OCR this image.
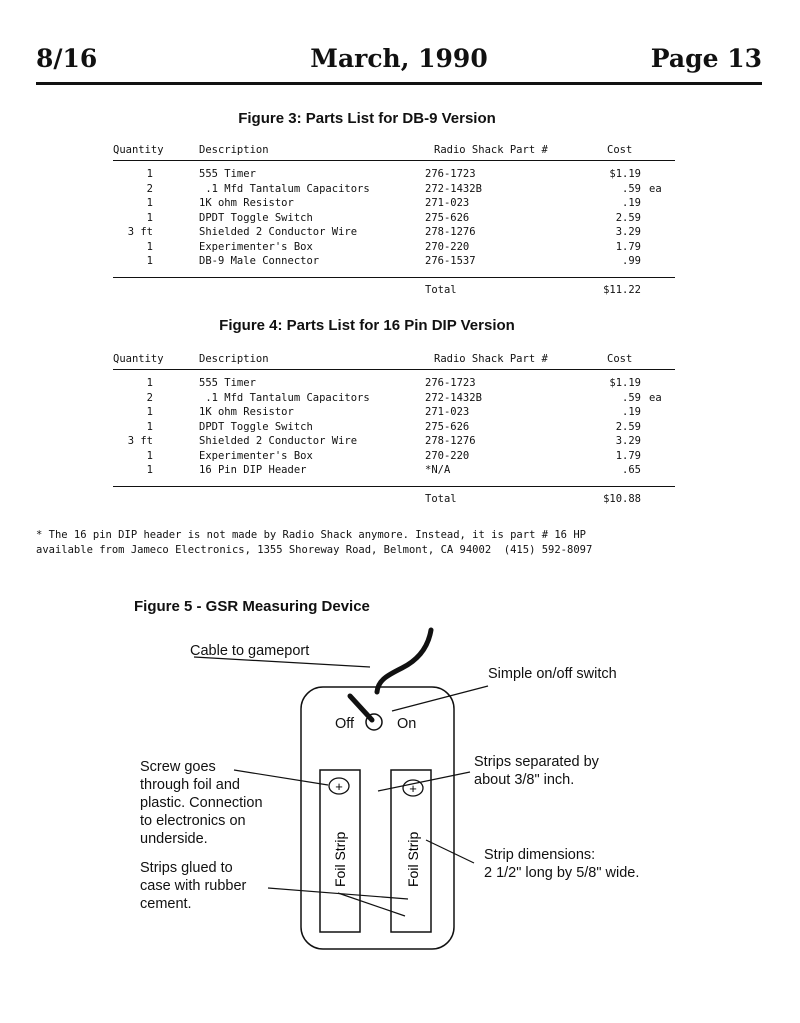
8/16	March, 1990	Page 13
Figure 3: Parts List for DB-9 Version
Quantity	Description	Radio Shack Part #	Cost
1	555 Timer	276-1723	$1.19
2	.1 Mfd Tantalum Capacitors	272-1432B	.59 ea
1	1K ohm Resistor	271-023	.19
1	DPDT Toggle Switch	275-626	2.59
3 ft	Shielded 2 Conductor Wire	278-1276	3.29
1	Experimenter's Box	270-220	1.79
1	DB-9 Male Connector	276-1537	.99
Total	$11.22
Figure 4: Parts List for 16 Pin DIP Version
Quantity	Description	Radio Shack Part #	Cost
1	555 Timer	276-1723	$1.19
2	.1 Mfd Tantalum Capacitors	272-1432B	.59 ea
1	1K ohm Resistor	271-023	.19
1	DPDT Toggle Switch	275-626	2.59
3 ft	Shielded 2 Conductor Wire	278-1276	3.29
1	Experimenter's Box	270-220	1.79
1	16 Pin DIP Header	*N/A	.65
Total	$10.88
* The 16 pin DIP header is not made by Radio Shack anymore. Instead, it is part # 16 HP
available from Jameco Electronics, 1355 Shoreway Road, Belmont, CA 94002  (415) 592-8097
Figure 5 - GSR Measuring Device
+	+
Foil Strip	Foil Strip
Cable to gameport
Simple on/off switch
Off	On
Screw goes
through foil and
plastic. Connection
to electronics on
underside.
Strips separated by
about 3/8" inch.
Strip dimensions:
2 1/2" long by 5/8" wide.
Strips glued to
case with rubber
cement.
